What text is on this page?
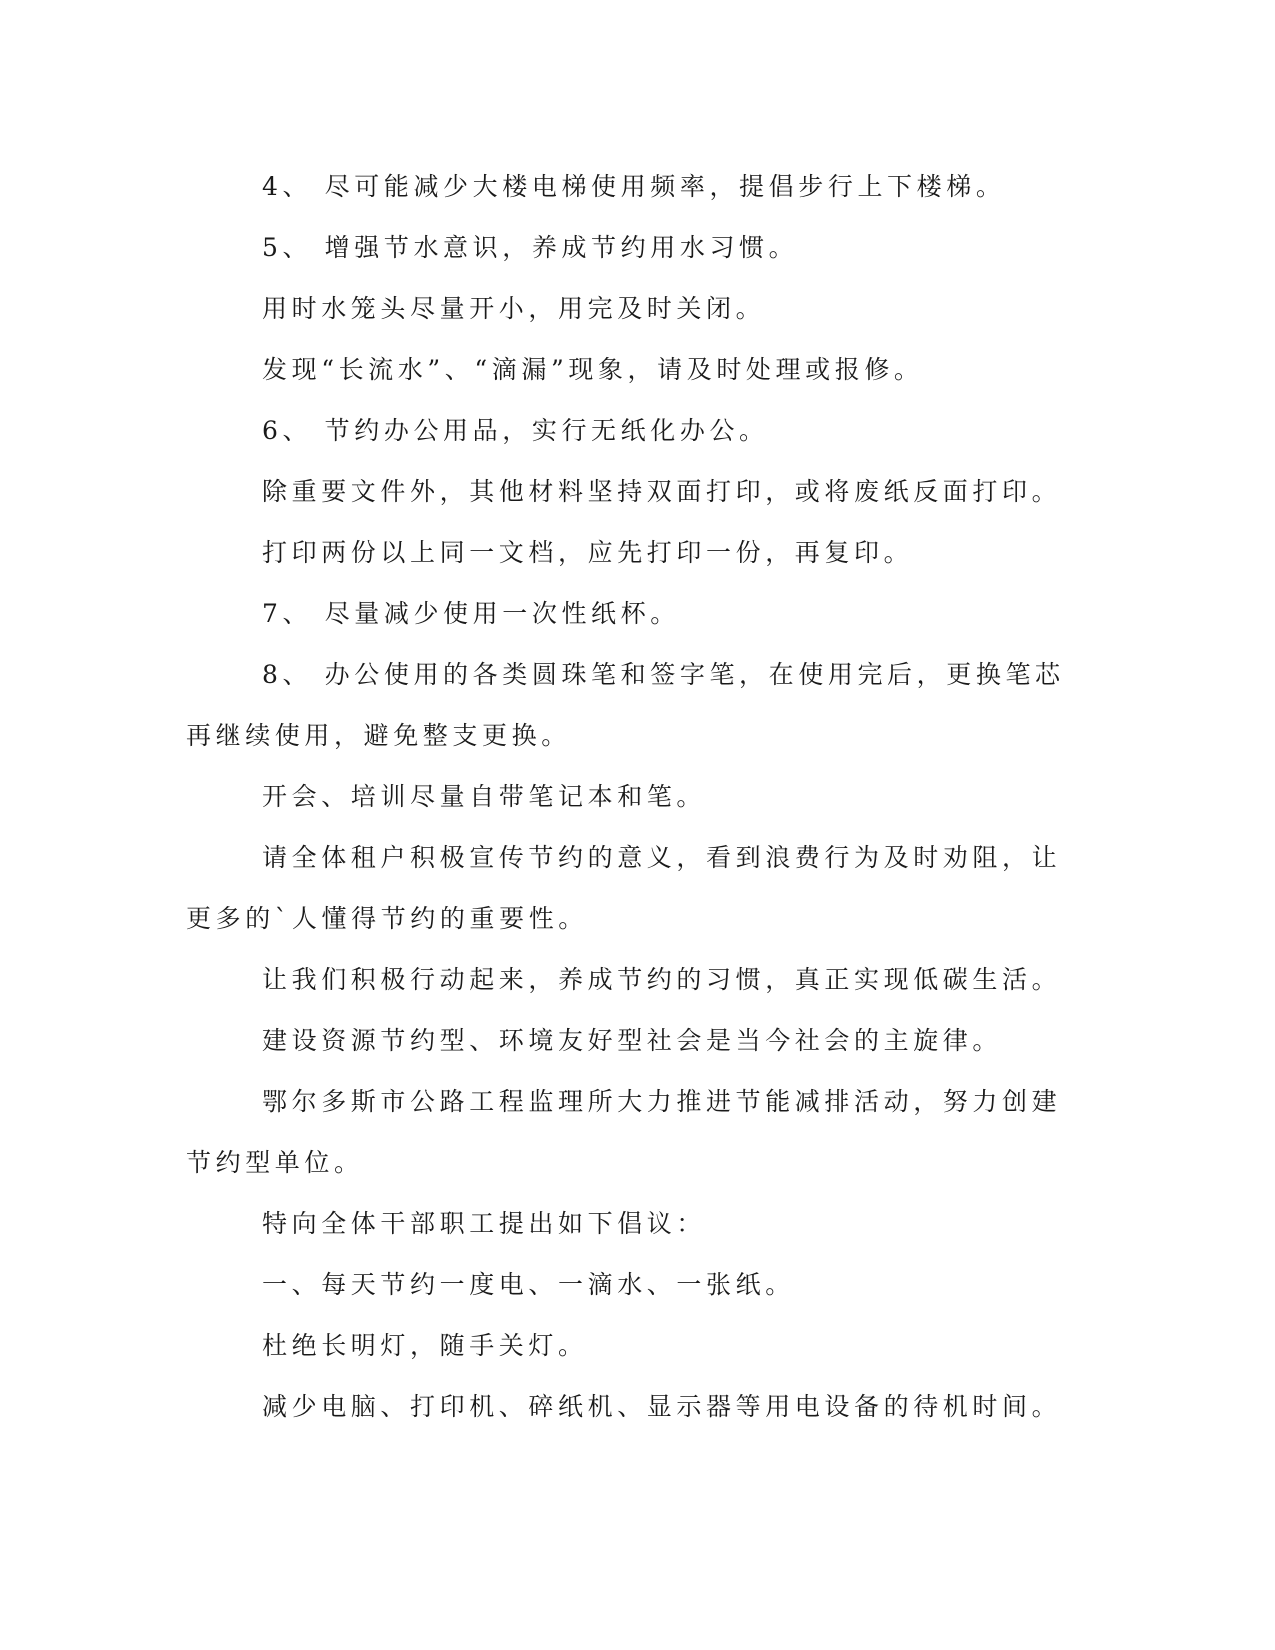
4、 尽可能减少大楼电梯使用频率，提倡步行上下楼梯。

5、 增强节水意识，养成节约用水习惯。

用时水笼头尽量开小，用完及时关闭。

发现“长流水”、“滴漏”现象，请及时处理或报修。

6、 节约办公用品，实行无纸化办公。

除重要文件外，其他材料坚持双面打印，或将废纸反面打印。

打印两份以上同一文档，应先打印一份，再复印。

7、 尽量减少使用一次性纸杯。

8、 办公使用的各类圆珠笔和签字笔，在使用完后，更换笔芯再继续使用，避免整支更换。

开会、培训尽量自带笔记本和笔。

请全体租户积极宣传节约的意义，看到浪费行为及时劝阻，让更多的`人懂得节约的重要性。

让我们积极行动起来，养成节约的习惯，真正实现低碳生活。

建设资源节约型、环境友好型社会是当今社会的主旋律。

鄂尔多斯市公路工程监理所大力推进节能减排活动，努力创建节约型单位。

特向全体干部职工提出如下倡议：

一、每天节约一度电、一滴水、一张纸。

杜绝长明灯，随手关灯。

减少电脑、打印机、碎纸机、显示器等用电设备的待机时间。
